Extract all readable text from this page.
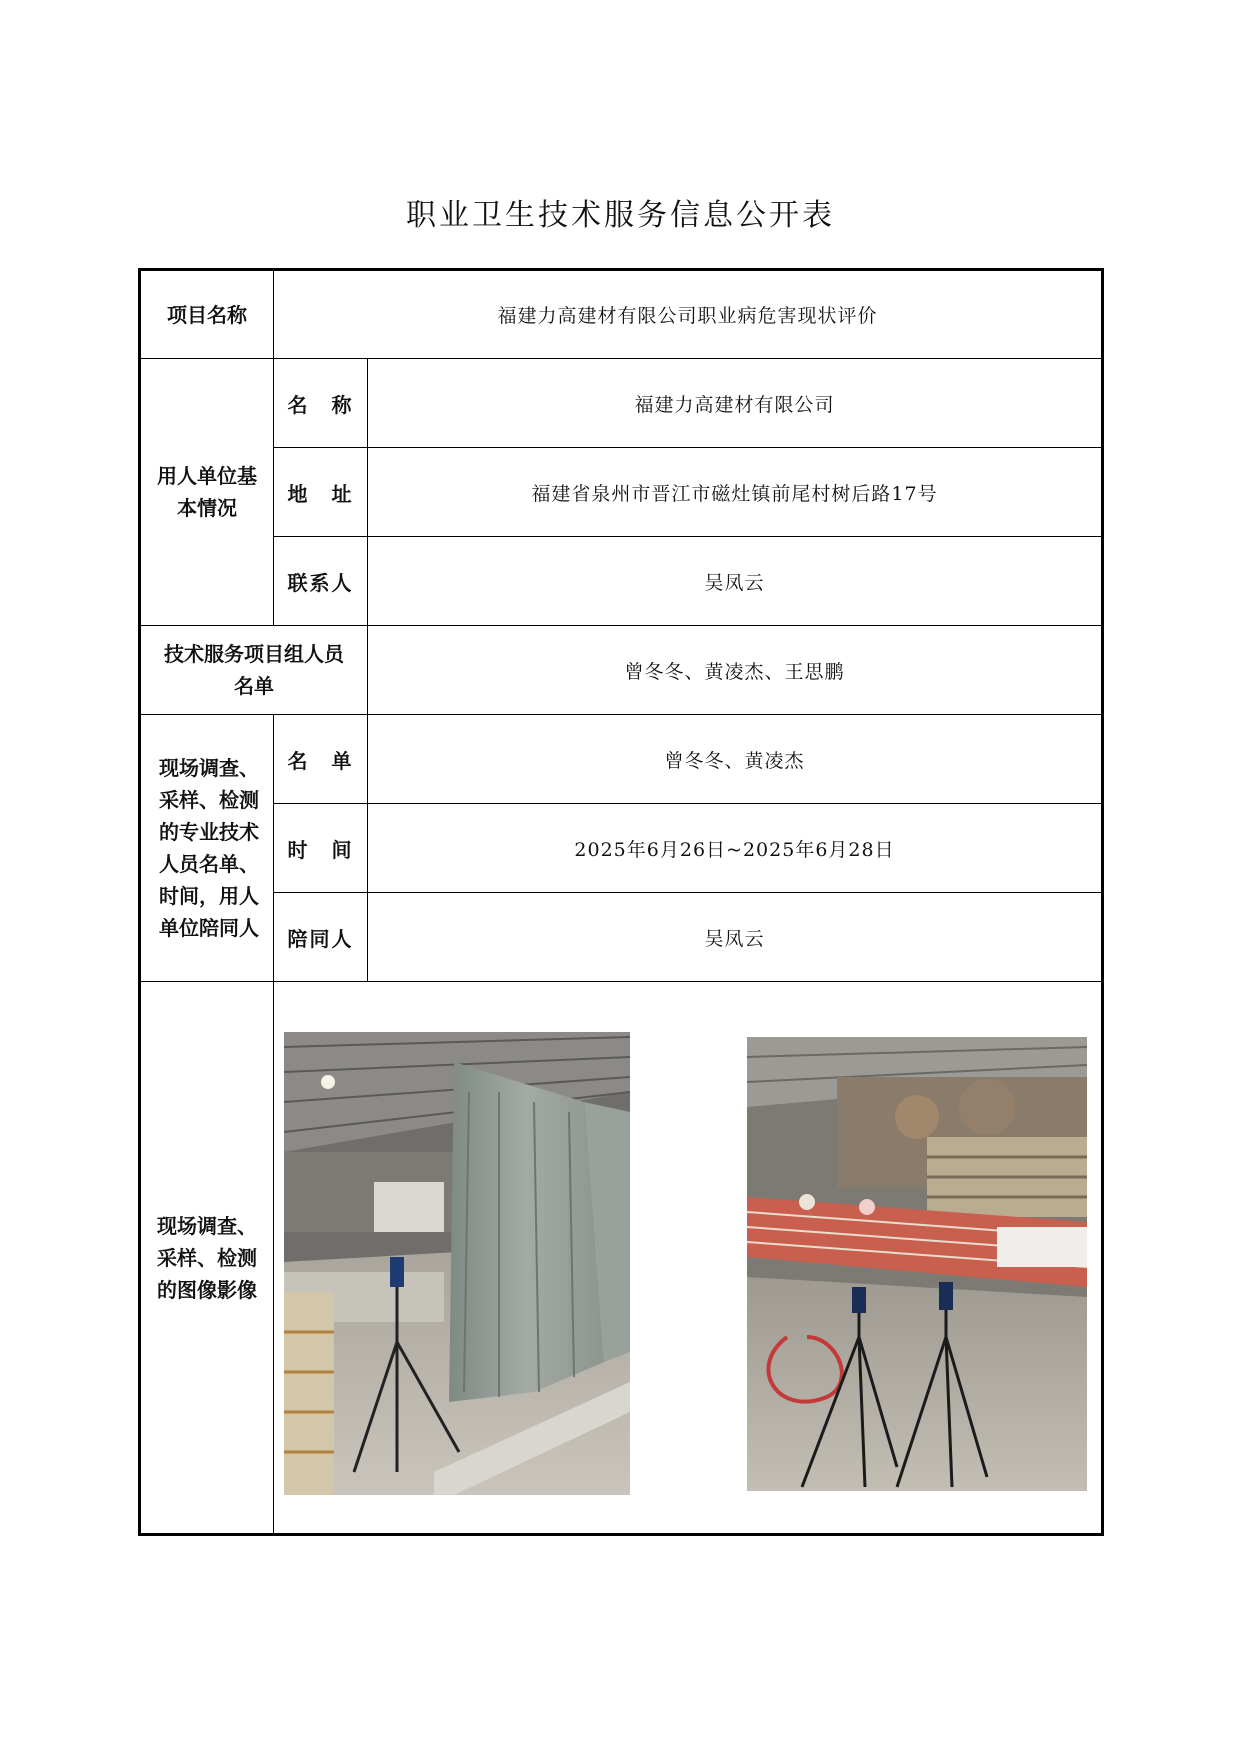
职业卫生技术服务信息公开表
项目名称	福建力高建材有限公司职业病危害现状评价	
用人单位基本情况	名　称	福建力高建材有限公司
	地　址	福建省泉州市晋江市磁灶镇前尾村树后路17号
	联系人	吴凤云
技术服务项目组人员名单		曾冬冬、黄凌杰、王思鹏
现场调查、采样、检测的专业技术人员名单、时间，用人单位陪同人	名　单	曾冬冬、黄凌杰
	时　间	2025年6月26日~2025年6月28日
	陪同人	吴凤云
现场调查、采样、检测的图像影像	
